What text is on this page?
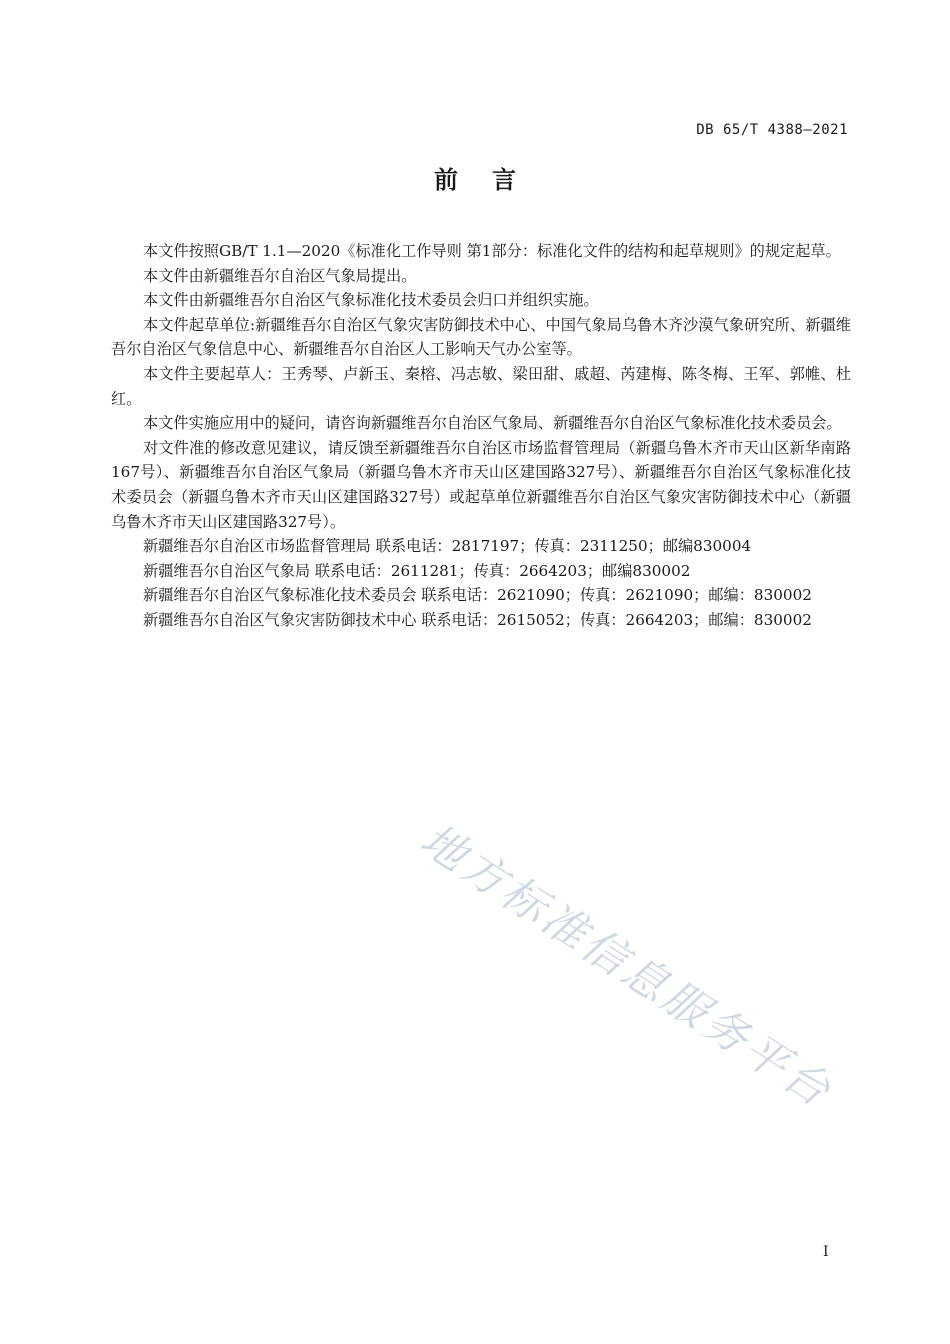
DB 65/T 4388—2021
前言

本文件按照GB/T 1.1—2020《标准化工作导则 第1部分：标准化文件的结构和起草规则》的规定起草。

本文件由新疆维吾尔自治区气象局提出。

本文件由新疆维吾尔自治区气象标准化技术委员会归口并组织实施。

本文件起草单位:新疆维吾尔自治区气象灾害防御技术中心、中国气象局乌鲁木齐沙漠气象研究所、新疆维吾尔自治区气象信息中心、新疆维吾尔自治区人工影响天气办公室等。

本文件主要起草人：王秀琴、卢新玉、秦榕、冯志敏、梁田甜、戚超、芮建梅、陈冬梅、王军、郭帷、杜红。

本文件实施应用中的疑问，请咨询新疆维吾尔自治区气象局、新疆维吾尔自治区气象标准化技术委员会。

对文件准的修改意见建议，请反馈至新疆维吾尔自治区市场监督管理局（新疆乌鲁木齐市天山区新华南路167号）、新疆维吾尔自治区气象局（新疆乌鲁木齐市天山区建国路327号）、新疆维吾尔自治区气象标准化技术委员会（新疆乌鲁木齐市天山区建国路327号）或起草单位新疆维吾尔自治区气象灾害防御技术中心（新疆乌鲁木齐市天山区建国路327号）。

新疆维吾尔自治区市场监督管理局 联系电话：2817197；传真：2311250；邮编830004

新疆维吾尔自治区气象局 联系电话：2611281；传真：2664203；邮编830002

新疆维吾尔自治区气象标准化技术委员会 联系电话：2621090；传真：2621090；邮编：830002

新疆维吾尔自治区气象灾害防御技术中心 联系电话：2615052；传真：2664203；邮编：830002

地方标准信息服务平台
I
